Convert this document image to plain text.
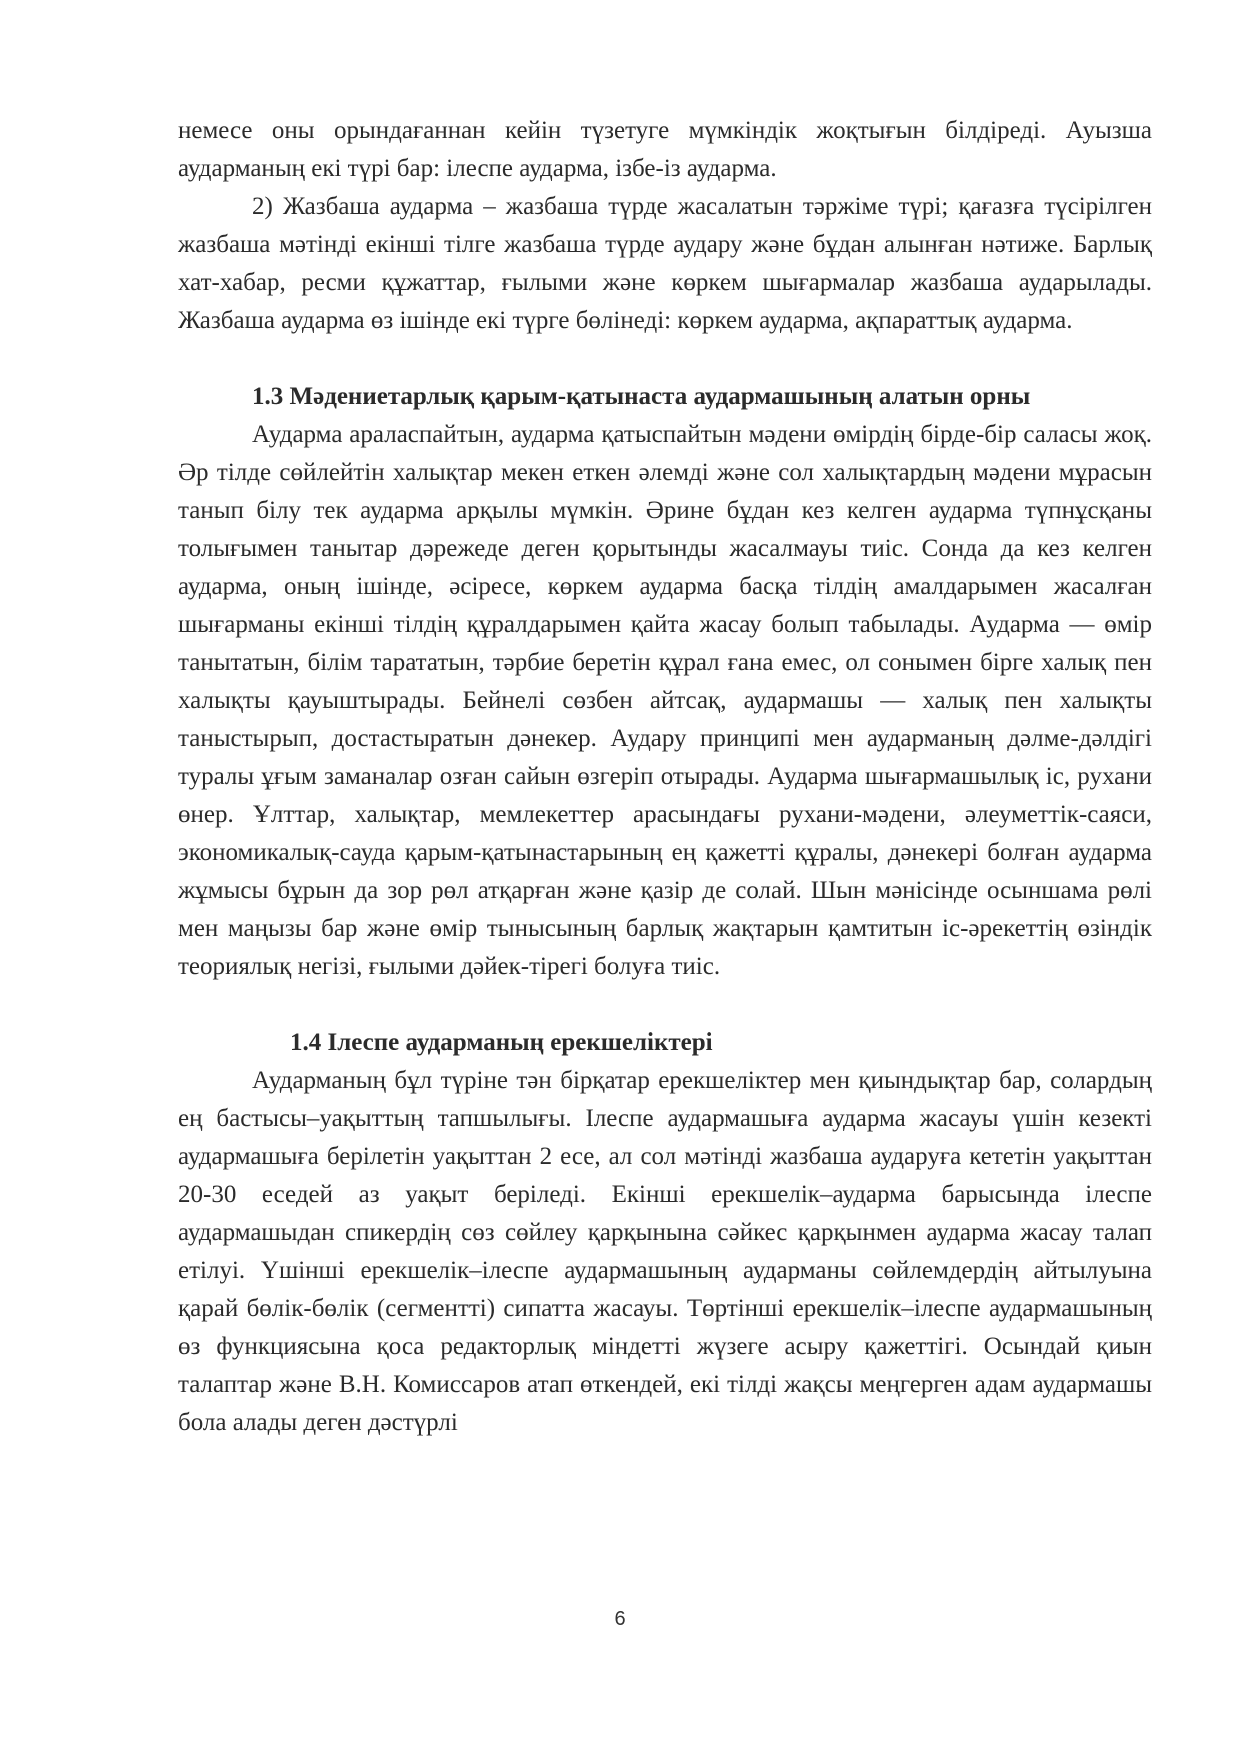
немесе оны орындағаннан кейін түзетуге мүмкіндік жоқтығын білдіреді. Ауызша аударманың екі түрі бар: ілеспе аударма, ізбе-із аударма.

2) Жазбаша аударма – жазбаша түрде жасалатын тәржіме түрі; қағазға түсірілген жазбаша мәтінді екінші тілге жазбаша түрде аудару және бұдан алынған нәтиже. Барлық хат-хабар, ресми құжаттар, ғылыми және көркем шығармалар жазбаша аударылады. Жазбаша аударма өз ішінде екі түрге бөлінеді: көркем аударма, ақпараттық аударма.

1.3 Мәдениетарлық қарым-қатынаста аудармашының алатын орны

Аударма араласпайтын, аударма қатыспайтын мәдени өмірдің бірде-бір саласы жоқ. Әр тілде сөйлейтін халықтар мекен еткен әлемді және сол халықтардың мәдени мұрасын танып білу тек аударма арқылы мүмкін. Әрине бұдан кез келген аударма түпнұсқаны толығымен танытар дәрежеде деген қорытынды жасалмауы тиіс. Сонда да кез келген аударма, оның ішінде, әсіресе, көркем аударма басқа тілдің амалдарымен жасалған шығарманы екінші тілдің құралдарымен қайта жасау болып табылады. Аударма — өмір танытатын, білім тарататын, тәрбие беретін құрал ғана емес, ол сонымен бірге халық пен халықты қауыштырады. Бейнелі сөзбен айтсақ, аудармашы — халық пен халықты таныстырып, достастыратын дәнекер. Аудару принципі мен аударманың дәлме-дәлдігі туралы ұғым заманалар озған сайын өзгеріп отырады. Аударма шығармашылық іс, рухани өнер. Ұлттар, халықтар, мемлекеттер арасындағы рухани-мәдени, әлеуметтік-саяси, экономикалық-сауда қарым-қатынастарының ең қажетті құралы, дәнекері болған аударма жұмысы бұрын да зор рөл атқарған және қазір де солай. Шын мәнісінде осыншама рөлі мен маңызы бар және өмір тынысының барлық жақтарын қамтитын іс-әрекеттің өзіндік теориялық негізі, ғылыми дәйек-тірегі болуға тиіс.

1.4 Ілеспе аударманың ерекшеліктері

Аударманың бұл түріне тән бірқатар ерекшеліктер мен қиындықтар бар, солардың ең бастысы–уақыттың тапшылығы. Ілеспе аудармашыға аударма жасауы үшін кезекті аудармашыға берілетін уақыттан 2 есе, ал сол мәтінді жазбаша аударуға кететін уақыттан 20-30 еседей аз уақыт беріледі. Екінші ерекшелік–аударма барысында ілеспе аудармашыдан спикердің сөз сөйлеу қарқынына сәйкес қарқынмен аударма жасау талап етілуі. Үшінші ерекшелік–ілеспе аудармашының аударманы сөйлемдердің айтылуына қарай бөлік-бөлік (сегментті) сипатта жасауы. Төртінші ерекшелік–ілеспе аудармашының өз функциясына қоса редакторлық міндетті жүзеге асыру қажеттігі. Осындай қиын талаптар және В.Н. Комиссаров атап өткендей, екі тілді жақсы меңгерген адам аудармашы бола алады деген дәстүрлі

6
